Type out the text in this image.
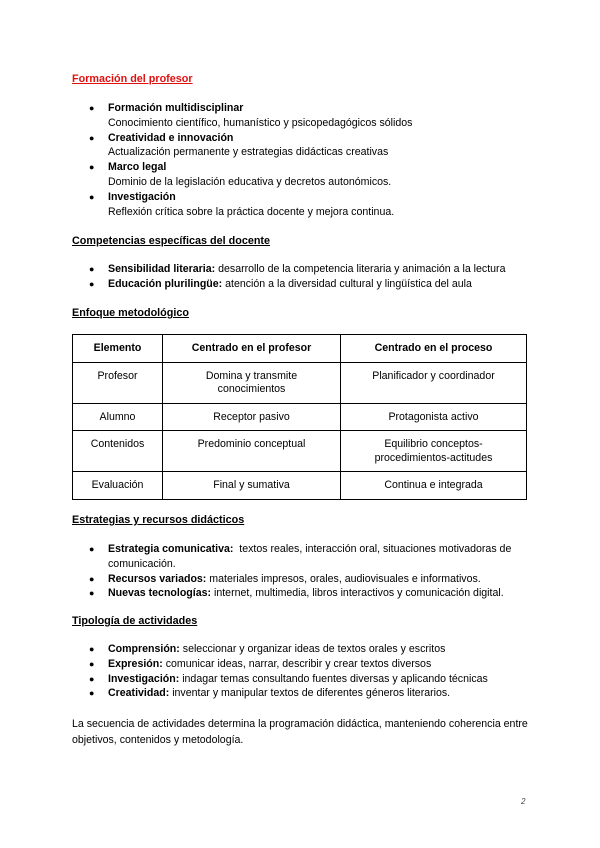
Formación del profesor
● Formación multidisciplinar
Conocimiento científico, humanístico y psicopedagógicos sólidos
● Creatividad e innovación
Actualización permanente y estrategias didácticas creativas
● Marco legal
Dominio de la legislación educativa y decretos autonómicos.
● Investigación
Reflexión crítica sobre la práctica docente y mejora continua.
Competencias específicas del docente
● Sensibilidad literaria: desarrollo de la competencia literaria y animación a la lectura
● Educación plurilingüe: atención a la diversidad cultural y lingüística del aula
Enfoque metodológico
Elemento	Centrado en el profesor	Centrado en el proceso
Profesor	Domina y transmite conocimientos	Planificador y coordinador
Alumno	Receptor pasivo	Protagonista activo
Contenidos	Predominio conceptual	Equilibrio conceptos-procedimientos-actitudes
Evaluación	Final y sumativa	Continua e integrada
Estrategias y recursos didácticos
● Estrategia comunicativa: textos reales, interacción oral, situaciones motivadoras de comunicación.
● Recursos variados: materiales impresos, orales, audiovisuales e informativos.
● Nuevas tecnologías: internet, multimedia, libros interactivos y comunicación digital.
Tipología de actividades
● Comprensión: seleccionar y organizar ideas de textos orales y escritos
● Expresión: comunicar ideas, narrar, describir y crear textos diversos
● Investigación: indagar temas consultando fuentes diversas y aplicando técnicas
● Creatividad: inventar y manipular textos de diferentes géneros literarios.
La secuencia de actividades determina la programación didáctica, manteniendo coherencia entre objetivos, contenidos y metodología.
2
